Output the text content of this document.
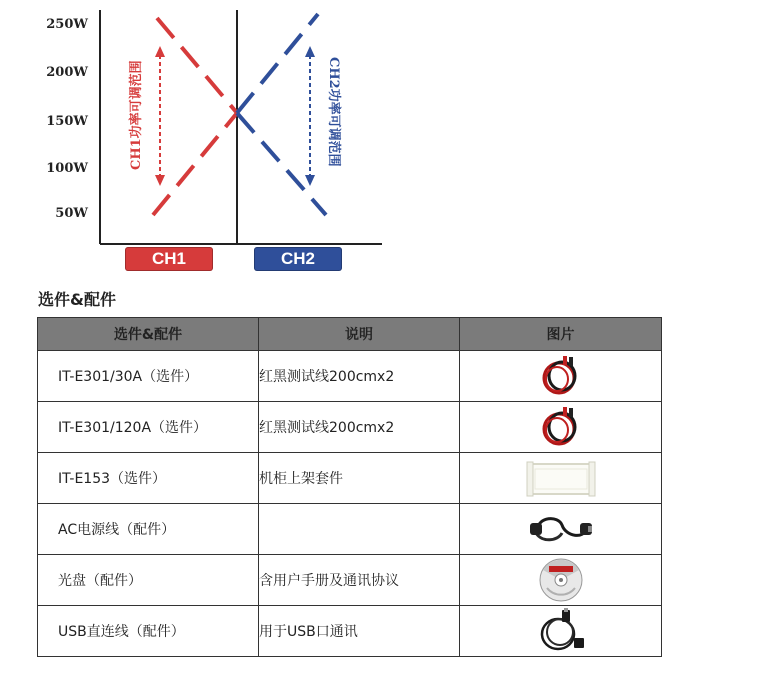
250W
200W
150W
100W
50W
CH1功率可调范围	CH2功率可调范围
CH1	CH2
选件&配件
选件&配件	说明	图片
IT-E301/30A（选件）	红黑测试线200cmx2	

IT-E301/120A（选件）	红黑测试线200cmx2	

IT-E153（选件）	机柜上架套件	

AC电源线（配件）		

光盘（配件）	含用户手册及通讯协议	

USB直连线（配件）	用于USB口通讯	
